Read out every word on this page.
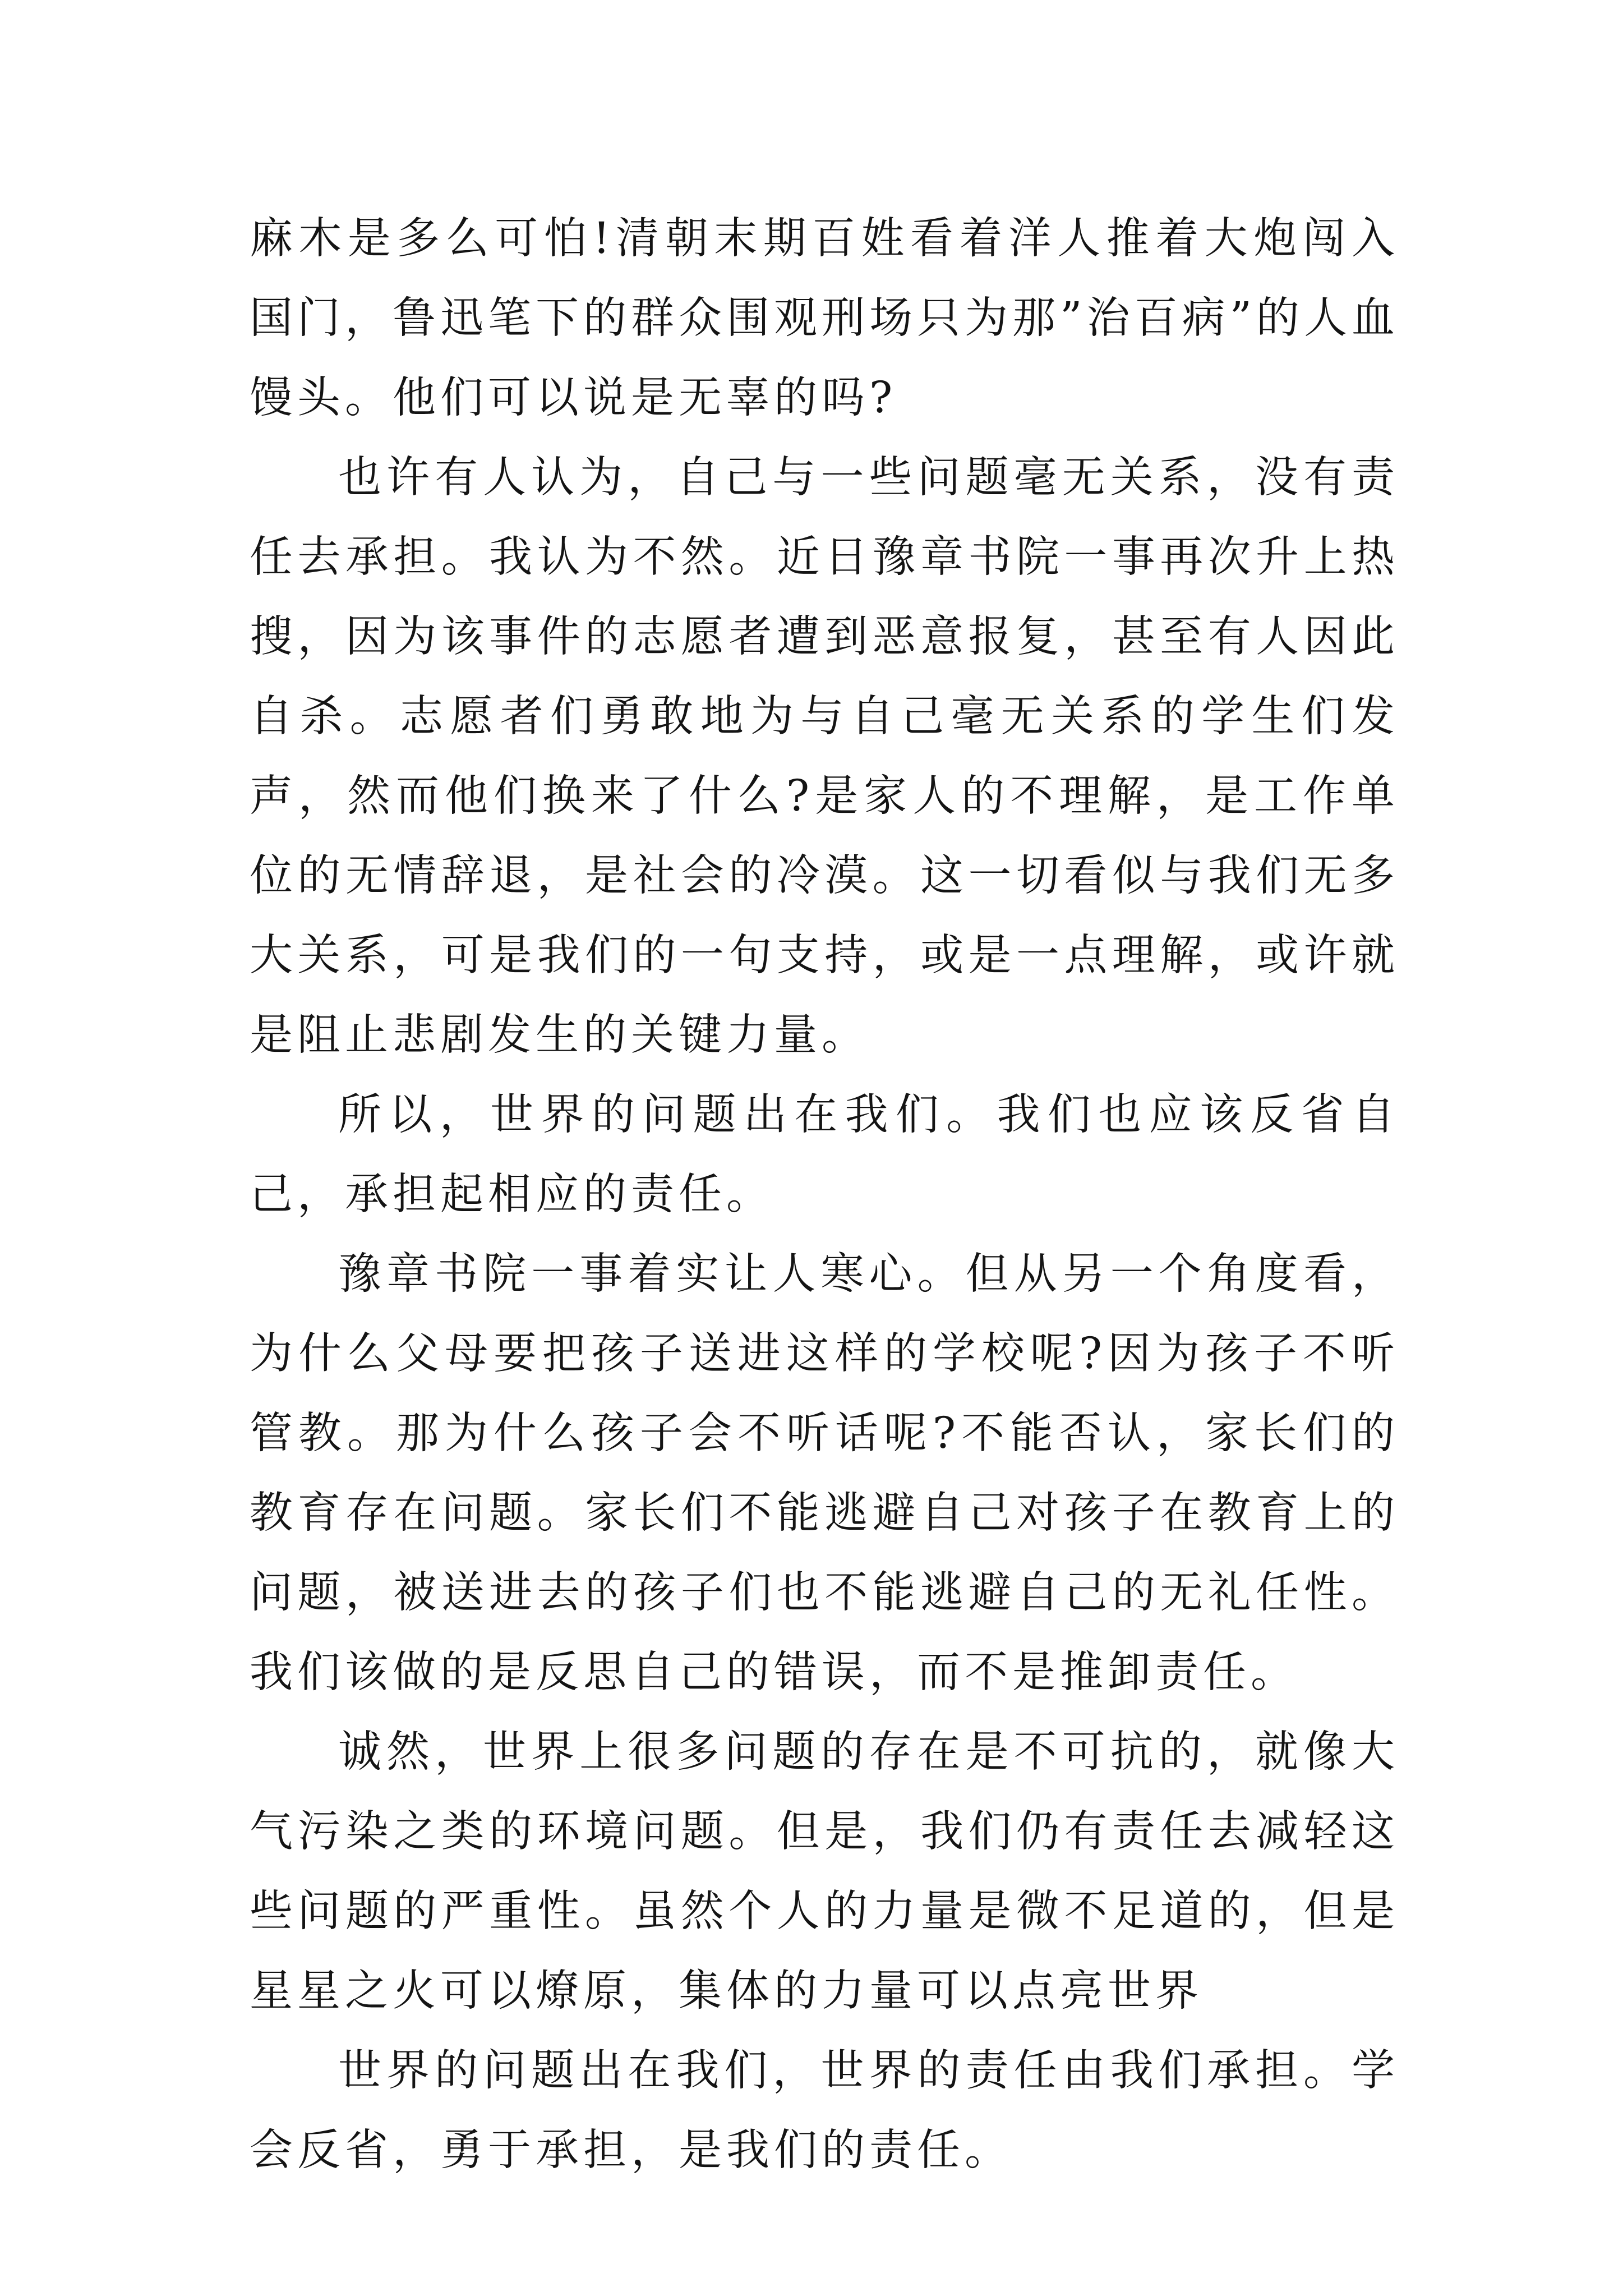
麻木是多么可怕!清朝末期百姓看着洋人推着大炮闯入国门，鲁迅笔下的群众围观刑场只为那”治百病”的人血馒头。他们可以说是无辜的吗?

也许有人认为，自己与一些问题毫无关系，没有责任去承担。我认为不然。近日豫章书院一事再次升上热搜，因为该事件的志愿者遭到恶意报复，甚至有人因此自杀。志愿者们勇敢地为与自己毫无关系的学生们发声，然而他们换来了什么?是家人的不理解，是工作单位的无情辞退，是社会的冷漠。这一切看似与我们无多大关系，可是我们的一句支持，或是一点理解，或许就是阻止悲剧发生的关键力量。

所以，世界的问题出在我们。我们也应该反省自己，承担起相应的责任。

豫章书院一事着实让人寒心。但从另一个角度看，为什么父母要把孩子送进这样的学校呢?因为孩子不听管教。那为什么孩子会不听话呢?不能否认，家长们的教育存在问题。家长们不能逃避自己对孩子在教育上的问题，被送进去的孩子们也不能逃避自己的无礼任性。我们该做的是反思自己的错误，而不是推卸责任。

诚然，世界上很多问题的存在是不可抗的，就像大气污染之类的环境问题。但是，我们仍有责任去减轻这些问题的严重性。虽然个人的力量是微不足道的，但是星星之火可以燎原，集体的力量可以点亮世界

世界的问题出在我们，世界的责任由我们承担。学会反省，勇于承担，是我们的责任。
